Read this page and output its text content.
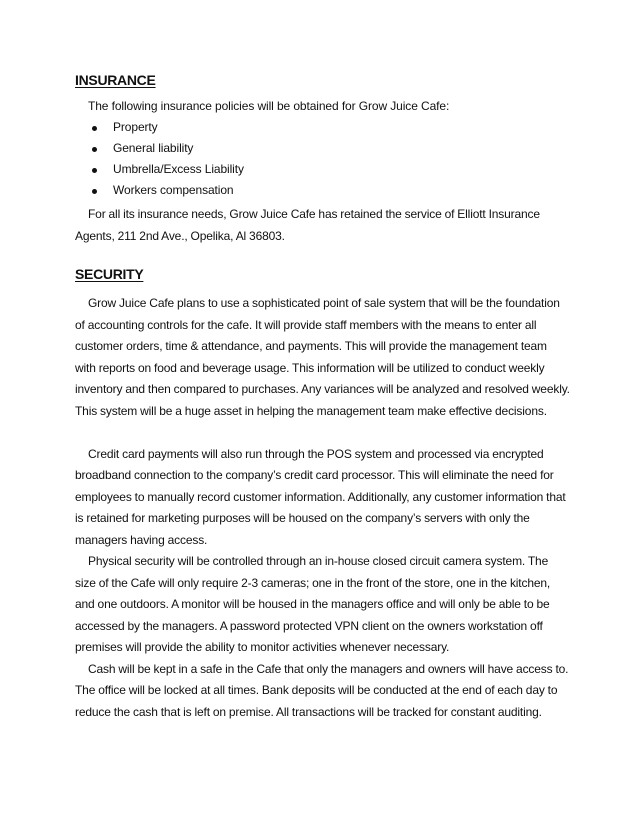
INSURANCE
The following insurance policies will be obtained for Grow Juice Cafe:
Property
General liability
Umbrella/Excess Liability
Workers compensation

For all its insurance needs, Grow Juice Cafe has retained the service of Elliott Insurance Agents, 211 2nd Ave., Opelika, Al 36803.

SECURITY

Grow Juice Cafe plans to use a sophisticated point of sale system that will be the foundation of accounting controls for the cafe. It will provide staff members with the means to enter all customer orders, time & attendance, and payments. This will provide the management team with reports on food and beverage usage. This information will be utilized to conduct weekly inventory and then compared to purchases. Any variances will be analyzed and resolved weekly. This system will be a huge asset in helping the management team make effective decisions.

Credit card payments will also run through the POS system and processed via encrypted broadband connection to the company’s credit card processor. This will eliminate the need for employees to manually record customer information. Additionally, any customer information that is retained for marketing purposes will be housed on the company’s servers with only the managers having access.

Physical security will be controlled through an in-house closed circuit camera system. The size of the Cafe will only require 2-3 cameras; one in the front of the store, one in the kitchen, and one outdoors. A monitor will be housed in the managers office and will only be able to be accessed by the managers. A password protected VPN client on the owners workstation off premises will provide the ability to monitor activities whenever necessary.

Cash will be kept in a safe in the Cafe that only the managers and owners will have access to. The office will be locked at all times. Bank deposits will be conducted at the end of each day to reduce the cash that is left on premise. All transactions will be tracked for constant auditing.
